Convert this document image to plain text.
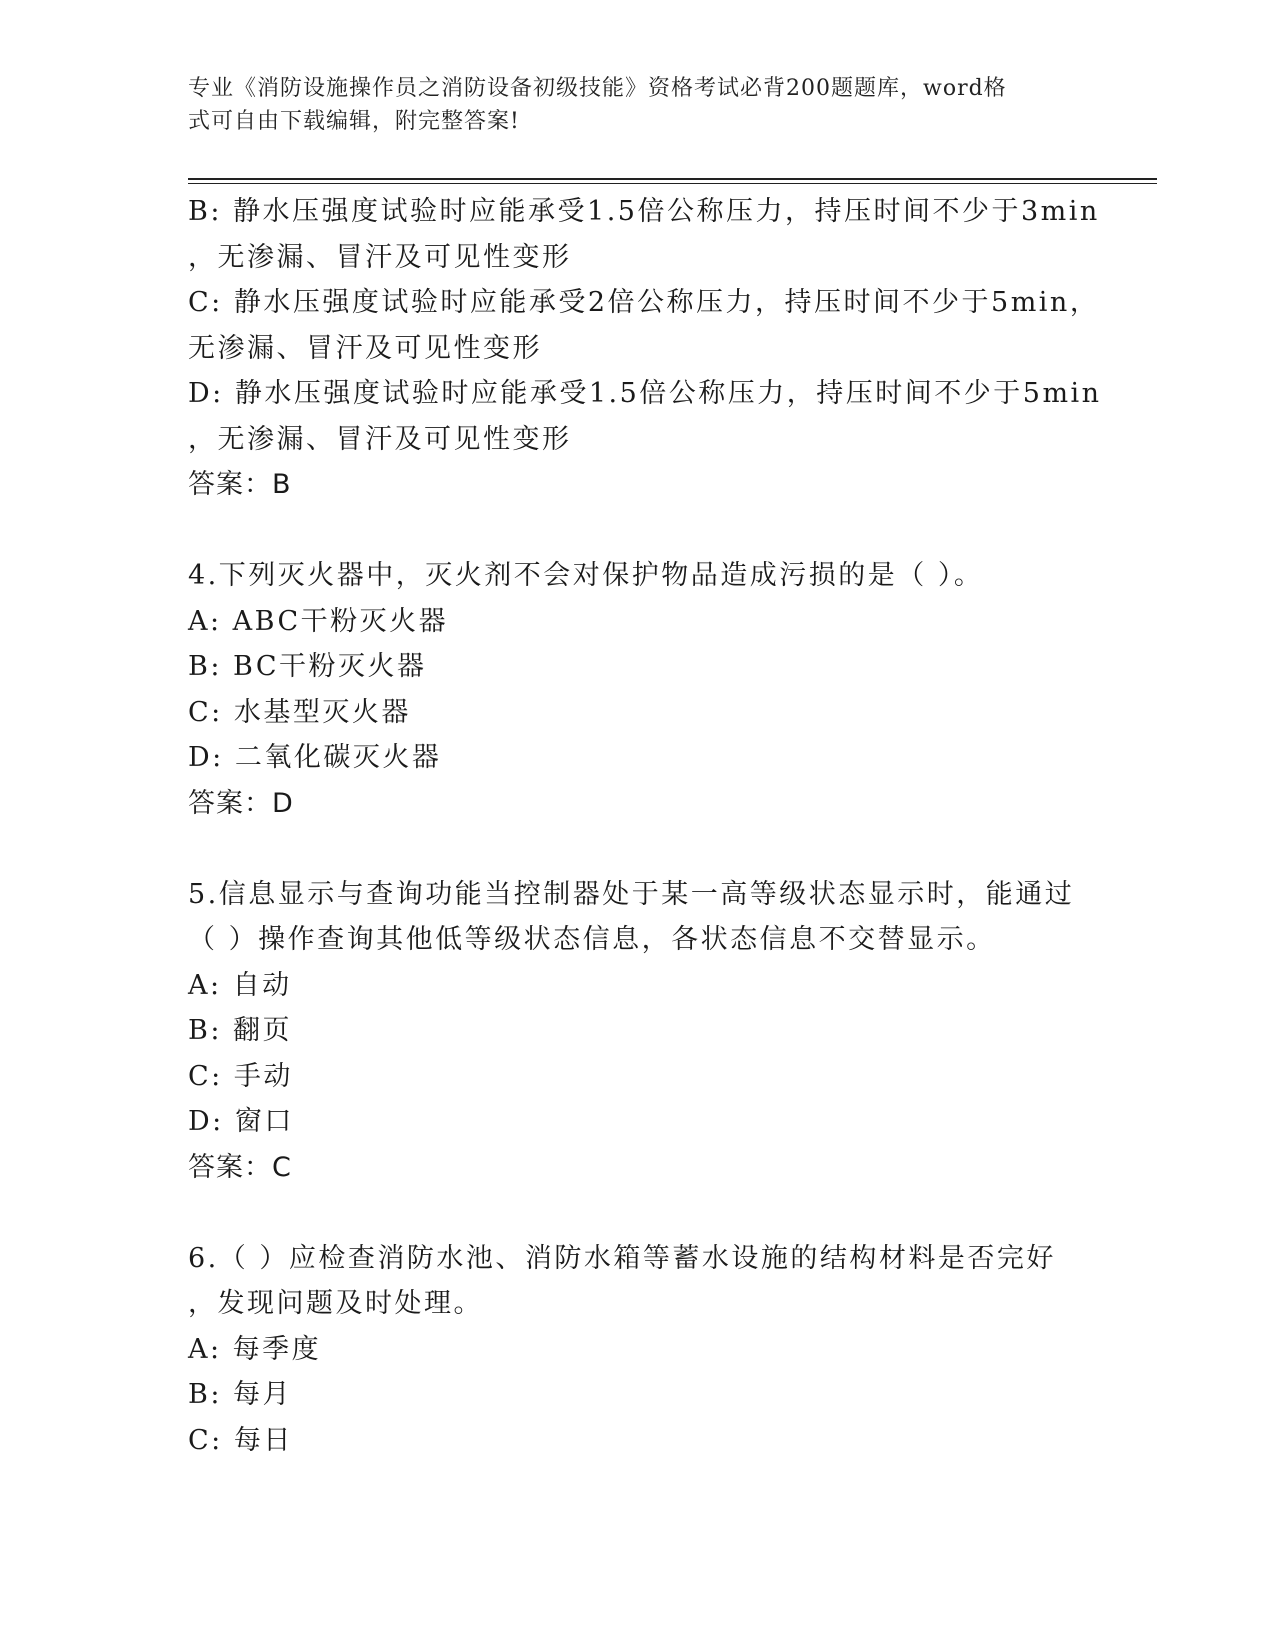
专业《消防设施操作员之消防设备初级技能》资格考试必背200题题库，word格
式可自由下载编辑，附完整答案!
B: 静水压强度试验时应能承受1.5倍公称压力，持压时间不少于3min
，无渗漏、冒汗及可见性变形
C: 静水压强度试验时应能承受2倍公称压力，持压时间不少于5min，
无渗漏、冒汗及可见性变形
D: 静水压强度试验时应能承受1.5倍公称压力，持压时间不少于5min
，无渗漏、冒汗及可见性变形
答案：B
4.下列灭火器中，灭火剂不会对保护物品造成污损的是（ ）。
A: ABC干粉灭火器
B: BC干粉灭火器
C: 水基型灭火器
D: 二氧化碳灭火器
答案：D
5.信息显示与查询功能当控制器处于某一高等级状态显示时，能通过
（ ）操作查询其他低等级状态信息，各状态信息不交替显示。
A: 自动
B: 翻页
C: 手动
D: 窗口
答案：C
6.（ ）应检查消防水池、消防水箱等蓄水设施的结构材料是否完好
，发现问题及时处理。
A: 每季度
B: 每月
C: 每日
